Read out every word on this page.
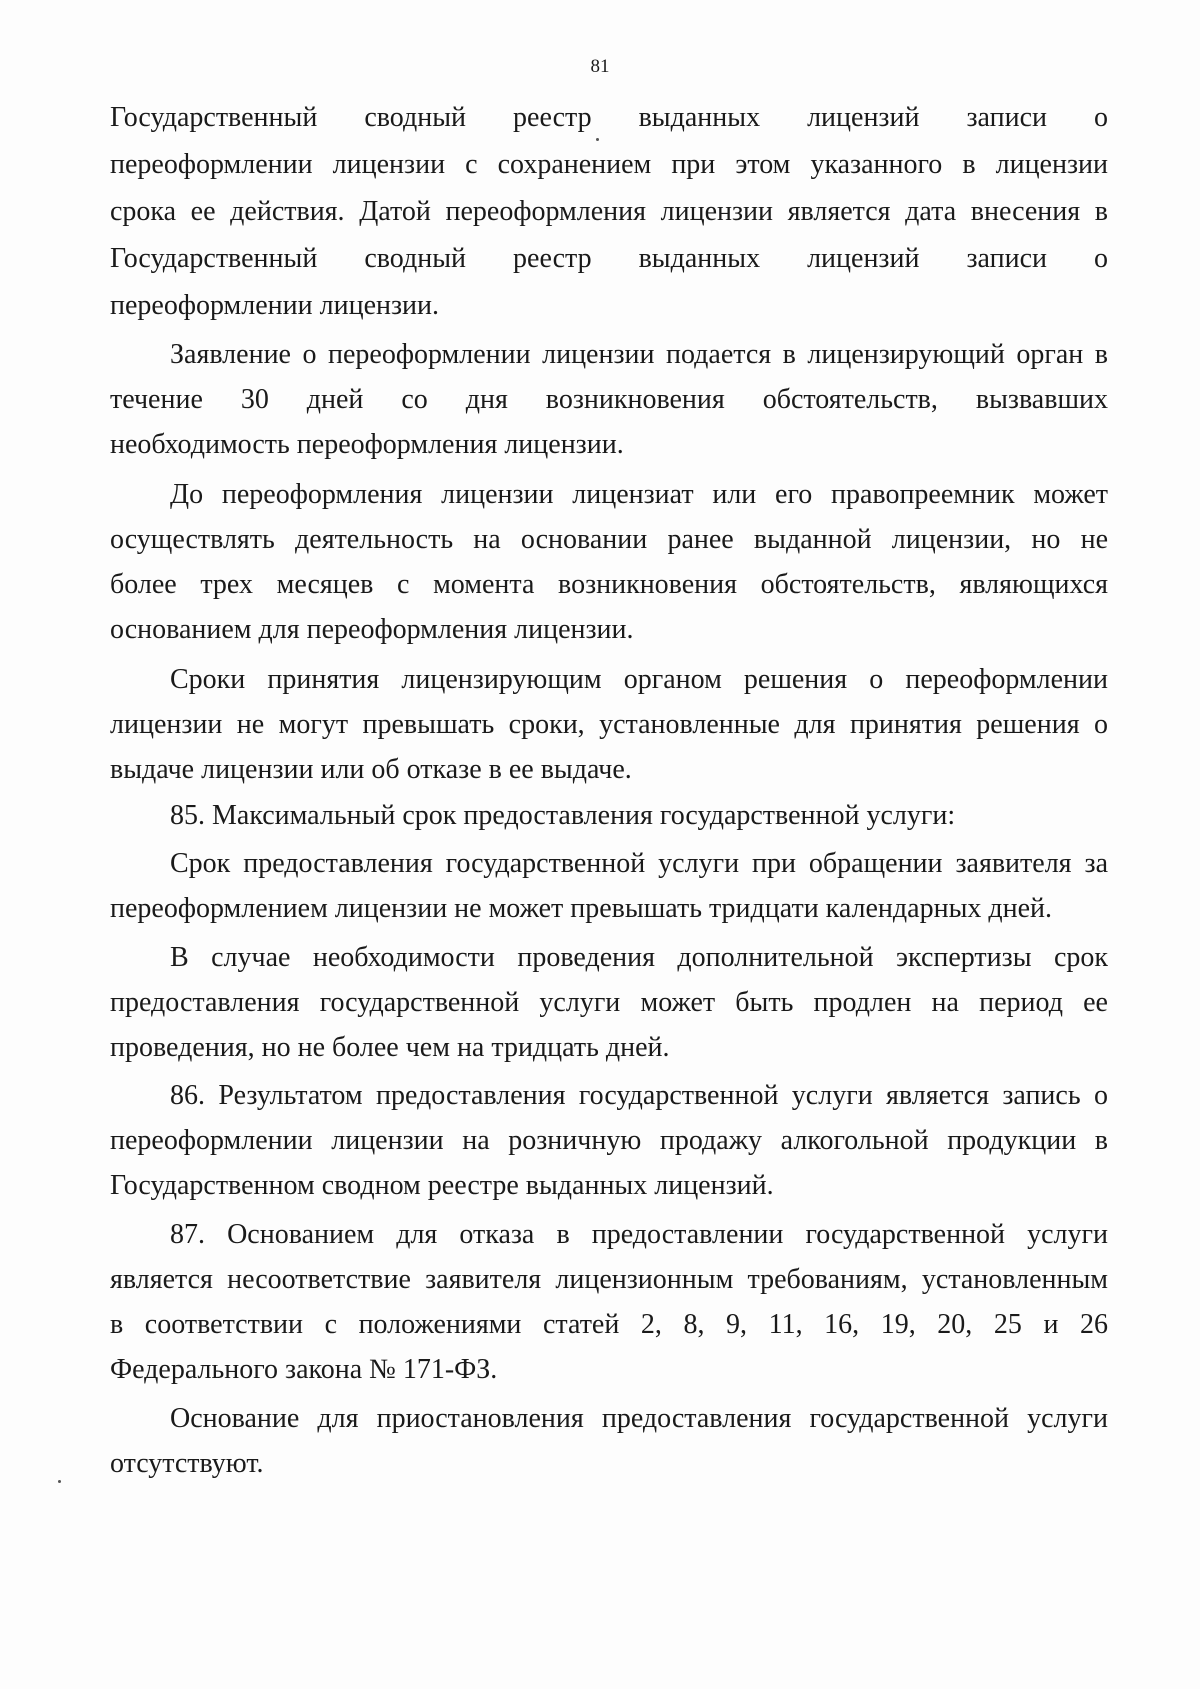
81
Государственный сводный реестр выданных лицензий записи о
переоформлении лицензии с сохранением при этом указанного в лицензии
срока ее действия. Датой переоформления лицензии является дата внесения в
Государственный сводный реестр выданных лицензий записи о
переоформлении лицензии.
Заявление о переоформлении лицензии подается в лицензирующий орган в
течение 30 дней со дня возникновения обстоятельств, вызвавших
необходимость переоформления лицензии.
До переоформления лицензии лицензиат или его правопреемник может
осуществлять деятельность на основании ранее выданной лицензии, но не
более трех месяцев с момента возникновения обстоятельств, являющихся
основанием для переоформления лицензии.
Сроки принятия лицензирующим органом решения о переоформлении
лицензии не могут превышать сроки, установленные для принятия решения о
выдаче лицензии или об отказе в ее выдаче.
85. Максимальный срок предоставления государственной услуги:
Срок предоставления государственной услуги при обращении заявителя за
переоформлением лицензии не может превышать тридцати календарных дней.
В случае необходимости проведения дополнительной экспертизы срок
предоставления государственной услуги может быть продлен на период ее
проведения, но не более чем на тридцать дней.
86. Результатом предоставления государственной услуги является запись о
переоформлении лицензии на розничную продажу алкогольной продукции в
Государственном сводном реестре выданных лицензий.
87. Основанием для отказа в предоставлении государственной услуги
является несоответствие заявителя лицензионным требованиям, установленным
в соответствии с положениями статей 2, 8, 9, 11, 16, 19, 20, 25 и 26
Федерального закона № 171-ФЗ.
Основание для приостановления предоставления государственной услуги
отсутствуют.
